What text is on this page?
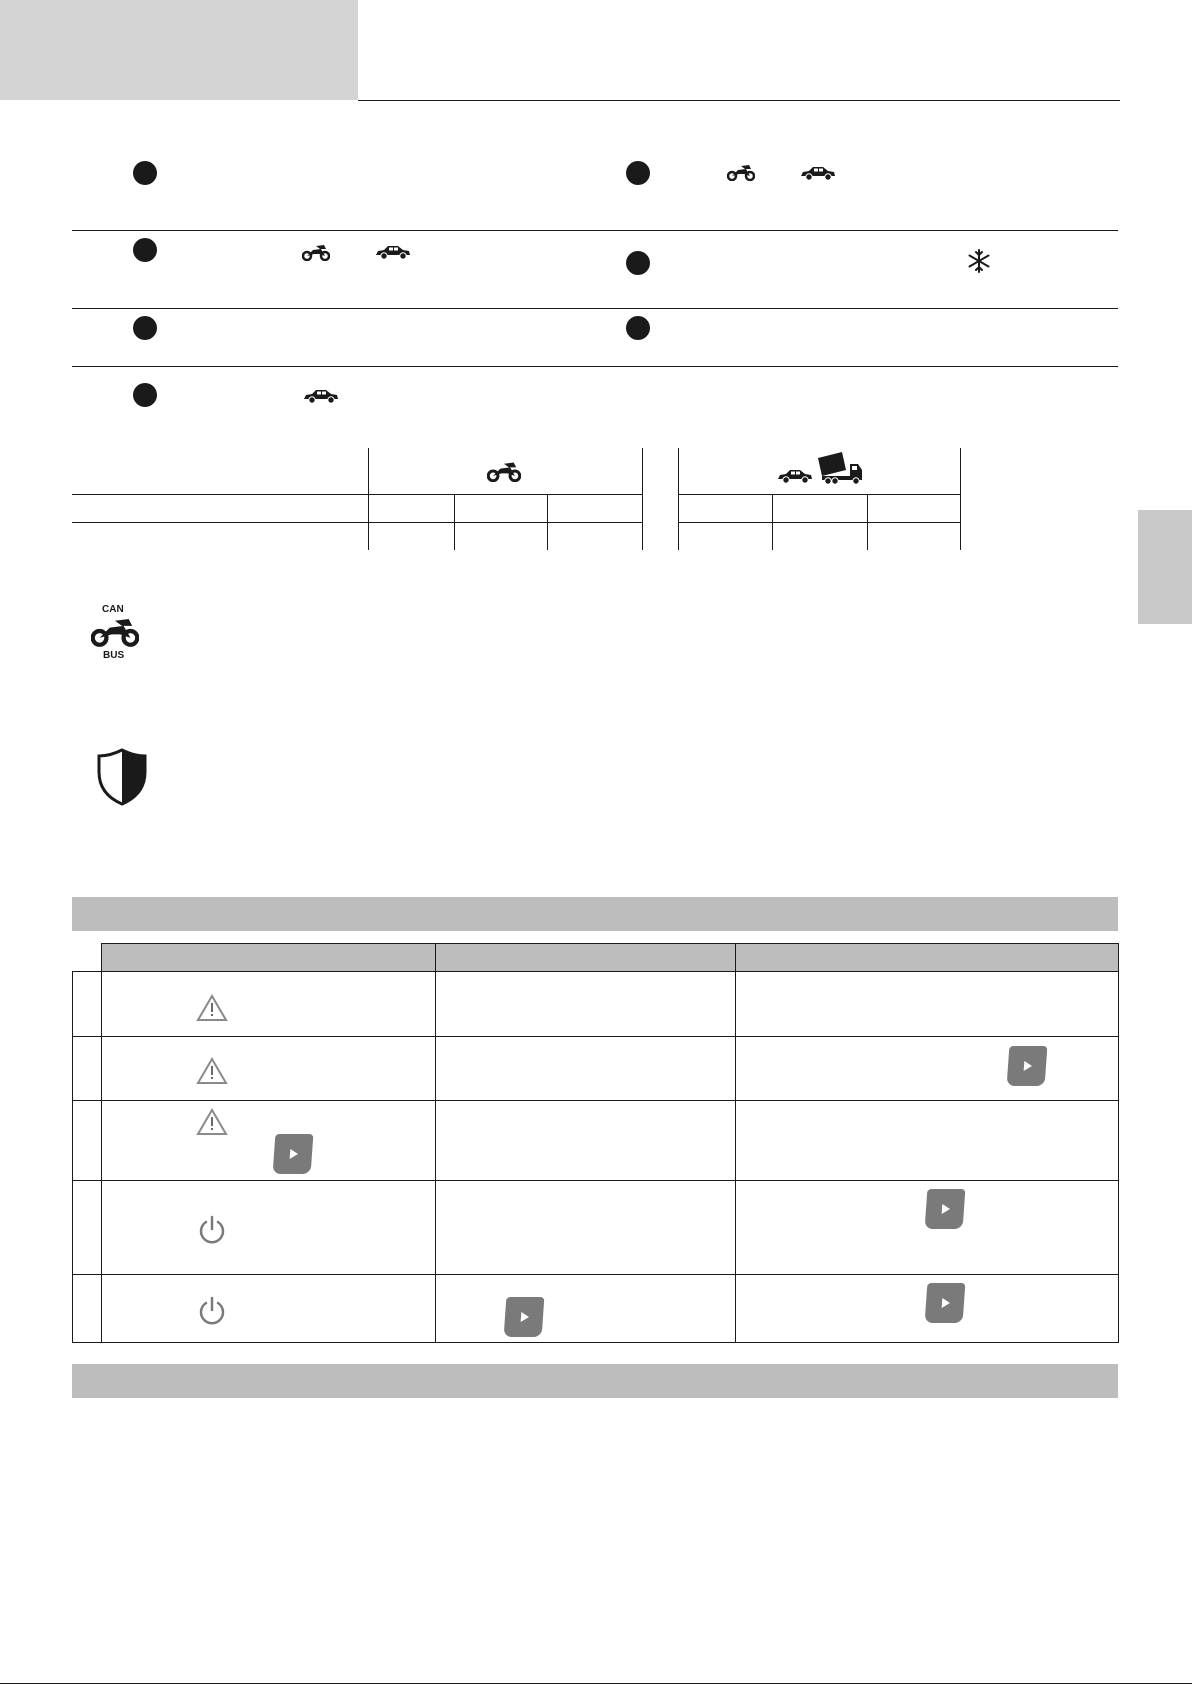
CAN
BUS
